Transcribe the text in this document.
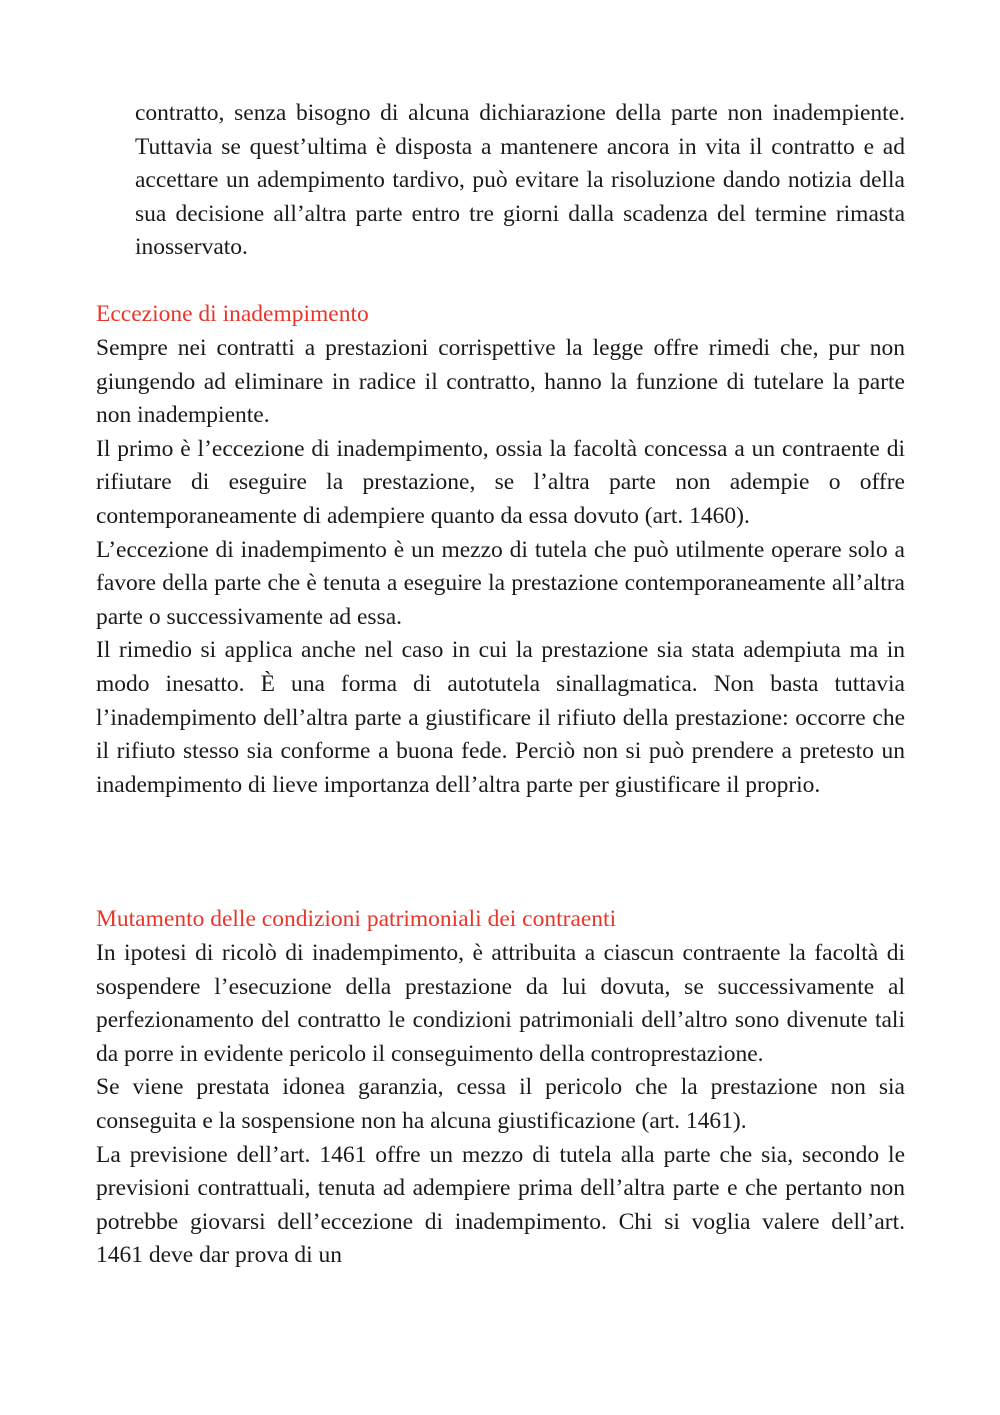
contratto, senza bisogno di alcuna dichiarazione della parte non inadempiente. Tuttavia se quest’ultima è disposta a mantenere ancora in vita il contratto e ad accettare un adempimento tardivo, può evitare la risoluzione dando notizia della sua decisione all’altra parte entro tre giorni dalla scadenza del termine rimasta inosservato.

Eccezione di inadempimento

Sempre nei contratti a prestazioni corrispettive la legge offre rimedi che, pur non giungendo ad eliminare in radice il contratto, hanno la funzione di tutelare la parte non inadempiente.

Il primo è l’eccezione di inadempimento, ossia la facoltà concessa a un contraente di rifiutare di eseguire la prestazione, se l’altra parte non adempie o offre contemporaneamente di adempiere quanto da essa dovuto (art. 1460).

L’eccezione di inadempimento è un mezzo di tutela che può utilmente operare solo a favore della parte che è tenuta a eseguire la prestazione contemporaneamente all’altra parte o successivamente ad essa.

Il rimedio si applica anche nel caso in cui la prestazione sia stata adempiuta ma in modo inesatto. È una forma di autotutela sinallagmatica. Non basta tuttavia l’inadempimento dell’altra parte a giustificare il rifiuto della prestazione: occorre che il rifiuto stesso sia conforme a buona fede. Perciò non si può prendere a pretesto un inadempimento di lieve importanza dell’altra parte per giustificare il proprio.

Mutamento delle condizioni patrimoniali dei contraenti

In ipotesi di ricolò di inadempimento, è attribuita a ciascun contraente la facoltà di sospendere l’esecuzione della prestazione da lui dovuta, se successivamente al perfezionamento del contratto le condizioni patrimoniali dell’altro sono divenute tali da porre in evidente pericolo il conseguimento della controprestazione.

Se viene prestata idonea garanzia, cessa il pericolo che la prestazione non sia conseguita e la sospensione non ha alcuna giustificazione (art. 1461).

La previsione dell’art. 1461 offre un mezzo di tutela alla parte che sia, secondo le previsioni contrattuali, tenuta ad adempiere prima dell’altra parte e che pertanto non potrebbe giovarsi dell’eccezione di inadempimento. Chi si voglia valere dell’art. 1461 deve dar prova di un
